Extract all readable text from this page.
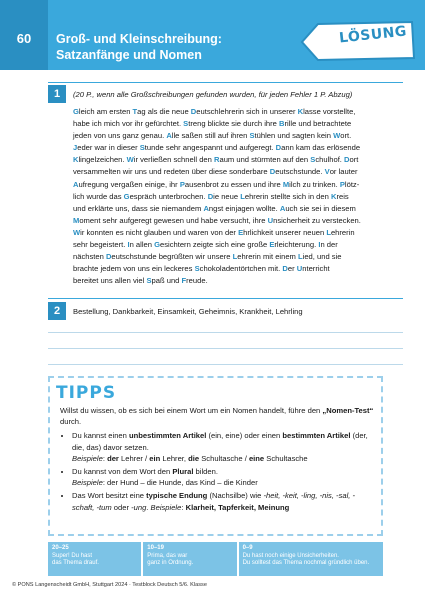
60	Groß- und Kleinschreibung:
Satzanfänge und Nomen
LÖSUNG
1	(20 P., wenn alle Großschreibungen gefunden wurden, für jeden Fehler 1 P. Abzug)

Gleich am ersten Tag als die neue Deutschlehrerin sich in unserer Klasse vorstellte,

habe ich mich vor ihr gefürchtet. Streng blickte sie durch ihre Brille und betrachtete

jeden von uns ganz genau. Alle saßen still auf ihren Stühlen und sagten kein Wort.

Jeder war in dieser Stunde sehr angespannt und aufgeregt. Dann kam das erlösende

Klingelzeichen. Wir verließen schnell den Raum und stürmten auf den Schulhof. Dort

versammelten wir uns und redeten über diese sonderbare Deutschstunde. Vor lauter

Aufregung vergaßen einige, ihr Pausenbrot zu essen und ihre Milch zu trinken. Plötz-

lich wurde das Gespräch unterbrochen. Die neue Lehrerin stellte sich in den Kreis

und erklärte uns, dass sie niemandem Angst einjagen wollte. Auch sie sei in diesem

Moment sehr aufgeregt gewesen und habe versucht, ihre Unsicherheit zu verstecken.

Wir konnten es nicht glauben und waren von der Ehrlichkeit unserer neuen Lehrerin

sehr begeistert. In allen Gesichtern zeigte sich eine große Erleichterung. In der

nächsten Deutschstunde begrüßten wir unsere Lehrerin mit einem Lied, und sie

brachte jedem von uns ein leckeres Schokoladentörtchen mit. Der Unterricht

bereitet uns allen viel Spaß und Freude.

2	Bestellung, Dankbarkeit, Einsamkeit, Geheimnis, Krankheit, Lehrling
TIPPS

Willst du wissen, ob es sich bei einem Wort um ein Nomen handelt, führe den „Nomen-Test“ durch.

• Du kannst einen unbestimmten Artikel (ein, eine) oder einen bestimmten Artikel (der, die, das) davor setzen.
Beispiele: der Lehrer / ein Lehrer, die Schultasche / eine Schultasche
• Du kannst von dem Wort den Plural bilden.
Beispiele: der Hund – die Hunde, das Kind – die Kinder
• Das Wort besitzt eine typische Endung (Nachsilbe) wie -heit, -keit, -ling, -nis, -sal, -schaft, -tum oder -ung. Beispiele: Klarheit, Tapferkeit, Meinung
20–25
Super! Du hast
das Thema drauf.
10–19
Prima, das war
ganz in Ordnung.
0–9
Du hast noch einige Unsicherheiten.
Du solltest das Thema nochmal gründlich üben.
© PONS Langenscheidt GmbH, Stuttgart 2024 · Testblock Deutsch 5/6. Klasse
